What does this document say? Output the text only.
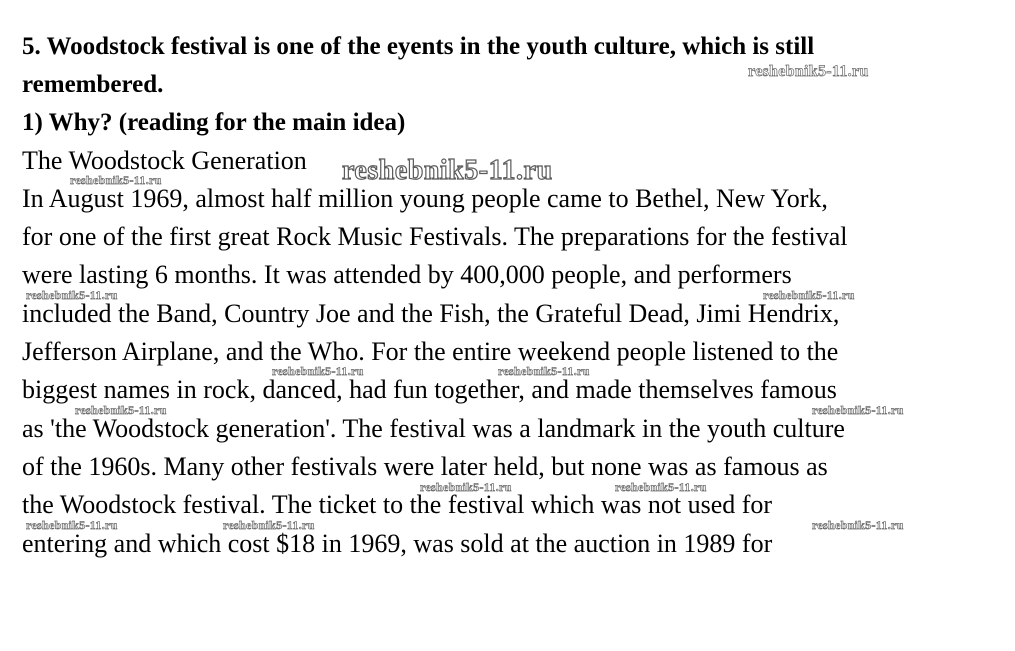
5. Woodstock festival is one of the eyents in the youth culture, which is still
remembered.
1) Why? (reading for the main idea)
The Woodstock Generation
In August 1969, almost half million young people came to Bethel, New York,
for one of the first great Rock Music Festivals. The preparations for the festival
were lasting 6 months. It was attended by 400,000 people, and performers
included the Band, Country Joe and the Fish, the Grateful Dead, Jimi Hendrix,
Jefferson Airplane, and the Who. For the entire weekend people listened to the
biggest names in rock, danced, had fun together, and made themselves famous
as 'the Woodstock generation'. The festival was a landmark in the youth culture
of the 1960s. Many other festivals were later held, but none was as famous as
the Woodstock festival. The ticket to the festival which was not used for
entering and which cost $18 in 1969, was sold at the auction in 1989 for
reshebnik5-11.ru
reshebnik5-11.ru
reshebnik5-11.ru
reshebnik5-11.ru	reshebnik5-11.ru
reshebnik5-11.ru	reshebnik5-11.ru
reshebnik5-11.ru	reshebnik5-11.ru
reshebnik5-11.ru	reshebnik5-11.ru
reshebnik5-11.ru	reshebnik5-11.ru	reshebnik5-11.ru
